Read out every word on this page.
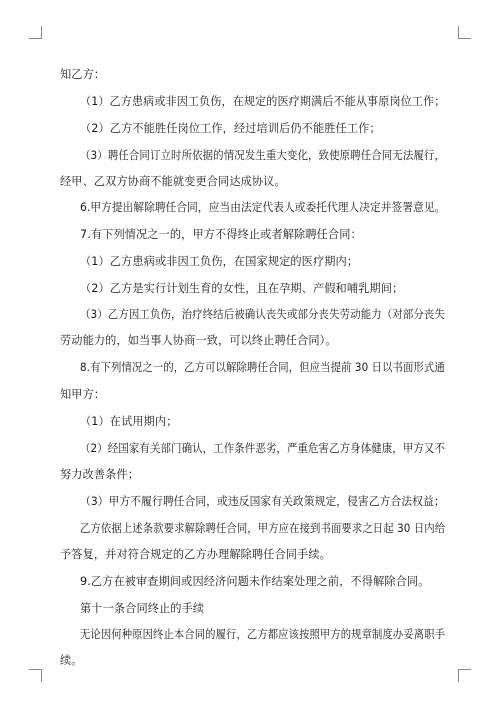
知乙方：
（1）乙方患病或非因工负伤，在规定的医疗期满后不能从事原岗位工作；
（2）乙方不能胜任岗位工作，经过培训后仍不能胜任工作；
（3）聘任合同订立时所依据的情况发生重大变化，致使原聘任合同无法履行，
经甲、乙双方协商不能就变更合同达成协议。
6.甲方提出解除聘任合同，应当由法定代表人或委托代理人决定并签署意见。
7.有下列情况之一的，甲方不得终止或者解除聘任合同：
（1）乙方患病或非因工负伤，在国家规定的医疗期内；
（2）乙方是实行计划生育的女性，且在孕期、产假和哺乳期间；
（3）乙方因工负伤，治疗终结后被确认丧失或部分丧失劳动能力（对部分丧失
劳动能力的，如当事人协商一致，可以终止聘任合同）。
8.有下列情况之一的，乙方可以解除聘任合同，但应当提前 30 日以书面形式通
知甲方：
（1）在试用期内；
（2）经国家有关部门确认，工作条件恶劣，严重危害乙方身体健康，甲方又不
努力改善条件；
（3）甲方不履行聘任合同，或违反国家有关政策规定，侵害乙方合法权益；
乙方依据上述条款要求解除聘任合同，甲方应在接到书面要求之日起 30 日内给
予答复，并对符合规定的乙方办理解除聘任合同手续。
9.乙方在被审查期间或因经济问题未作结案处理之前，不得解除合同。
第十一条合同终止的手续
无论因何种原因终止本合同的履行，乙方都应该按照甲方的规章制度办妥离职手
续。
